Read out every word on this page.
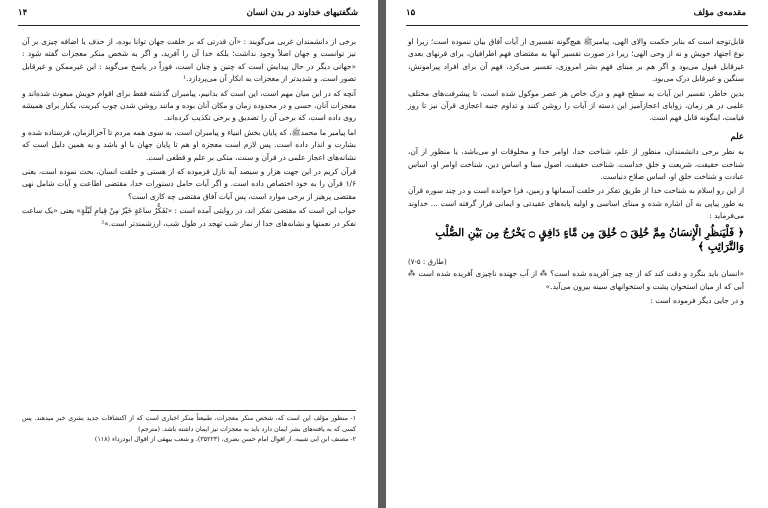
شگفتیهای خداوند در بدن انسان
۱۴

برخی از دانشمندان غربی می‌گویند : «آن قدرتی که بر خلقت جهان توانا بوده، از حذف یا اضافه چیزی بر آن نیز توانست و جهان اصلاً وجود نداشت؛ بلکه خدا آن را آفرید، و اگر به شخص منکر معجزات گفته شود : «جهانی دیگر در حال پیدایش است که چنین و چنان است، فوراً در پاسخ می‌گوید : این غیرممکن و غیرقابل تصور است. و شدیدتر از معجزات به انکار آن می‌پردازد.¹

آنچه که در این میان مهم است، این است که بدانیم، پیامبران گذشته فقط برای اقوام خویش مبعوث شده‌اند و معجزات آنان، حسی و در محدوده زمان و مکان آنان بوده و مانند روشن شدن چوب کبریت، یکبار برای همیشه روی داده است، که برخی آن را تصدیق و برخی تکذیب کرده‌اند.

اما پیامبر ما محمدﷺ، که پایان بخش انبیاء و پیامبران است، به سوی همه مردم تا آخرالزمان، فرستاده شده و بشارت و انذار داده است. پس لازم است معجزه او هم تا پایان جهان با او باشد و به همین دلیل است که نشانه‌های اعجاز علمی در قرآن و سنت، متکی بر علم و قطعی است.

قرآن کریم در این جهت هزار و سیصد آیه نازل فرموده که از هستی و خلقت انسان، بحث نموده است، یعنی ۱/۶ قرآن را به خود اختصاص داده است. و اگر آیات حامل دستورات خدا، مقتضی اطاعت و آیات شامل نهی مقتضی پرهیز از برخی موارد است، پس آیات آفاق مقتضی چه کاری است؟

جواب این است که مقتضی تفکر اند، در روایتی آمده است : «تَفَكُّرُ ساعَةٍ خَيْرٌ مِنْ قِيامِ لَيْلَةٍ» یعنی «یک ساعت تفکر در نعمتها و نشانه‌های خدا از نماز شب تهجد در طول شب، ارزشمندتر است.»²

۱- منظور مؤلف این است که، شخص منکر معجزات، طبیعتاً منکر اخباری است که از اکتشافات جدید بشری خبر میدهند. پس کسی که به یافته‌های بشر ایمان دارد باید به معجزات نیز ایمان داشته باشد. (مترجم)

۲- مصنف ابن ابی شیبه، از اقوال امام حسن بصری، (۳۵۲۲۳)، و شعب بیهقی از اقوال ابودرداء (۱۱۸)

مقدمه‌ی مؤلف
۱۵

قابل‌توجه است که بنابر حکمت والای الهی، پیامبرﷺ هیچ‌گونه تفسیری از آیات آفاق بیان ننموده است؛ زیرا او نوع اجتهاد خویش و نه از وحی الهی؛ زیرا در صورت تفسیر آنها به مقتضای فهم اطرافیان، برای قرنهای بعدی غیرقابل قبول می‌بود و اگر هم بر مبنای فهم بشر امروزی، تفسیر می‌کرد، فهم آن برای افراد پیرامونش، سنگین و غیرقابل درک می‌بود.

بدین خاطر، تفسیر این آیات به سطح فهم و درک خاص هر عصر موکول شده است، تا پیشرفت‌های مختلف علمی در هر زمان، زوایای اعجازآمیز این دسته از آیات را روشن کنند و تداوم جنبه اعجازی قرآن نیز تا روز قیامت، اینگونه قابل فهم است.

علم

به نظر برخی دانشمندان، منظور از علم، شناخت خدا، اوامر خدا و مخلوقات او می‌باشد، یا منظور از آن، شناخت حقیقت، شریعت و خلق خداست. شناخت حقیقت، اصول مبنا و اساس دین، شناخت اوامر او، اساس عبادت و شناخت خلق او، اساس صلاح دنیاست.

از این رو اسلام به شناخت خدا از طریق تفکر در خلقت آسمانها و زمین، فرا خوانده است و در چند سوره قرآن به طور پیاپی به آن اشاره شده و مبنای اساسی و اولیه پایه‌های عقیدتی و ایمانی قرار گرفته است ... خداوند می‌فرماید :

﴿ فَلْيَنظُرِ الْإِنسَانُ مِمَّ خُلِقَ ۝ خُلِقَ مِن مَّاءٍ دَافِقٍ ۝ يَخْرُجُ مِن بَيْنِ الصُّلْبِ وَالتَّرَائِبِ ﴾
(طارق : ۵-۷)

«انسان باید بنگرد و دقت کند که از چه چیز آفریده شده است؟ ⁂ از آب جهنده ناچیزی آفریده شده است ⁂ آبی که از میان استخوان پشت و استخوانهای سینه بیرون می‌آید.»

و در جایی دیگر فرموده است :
